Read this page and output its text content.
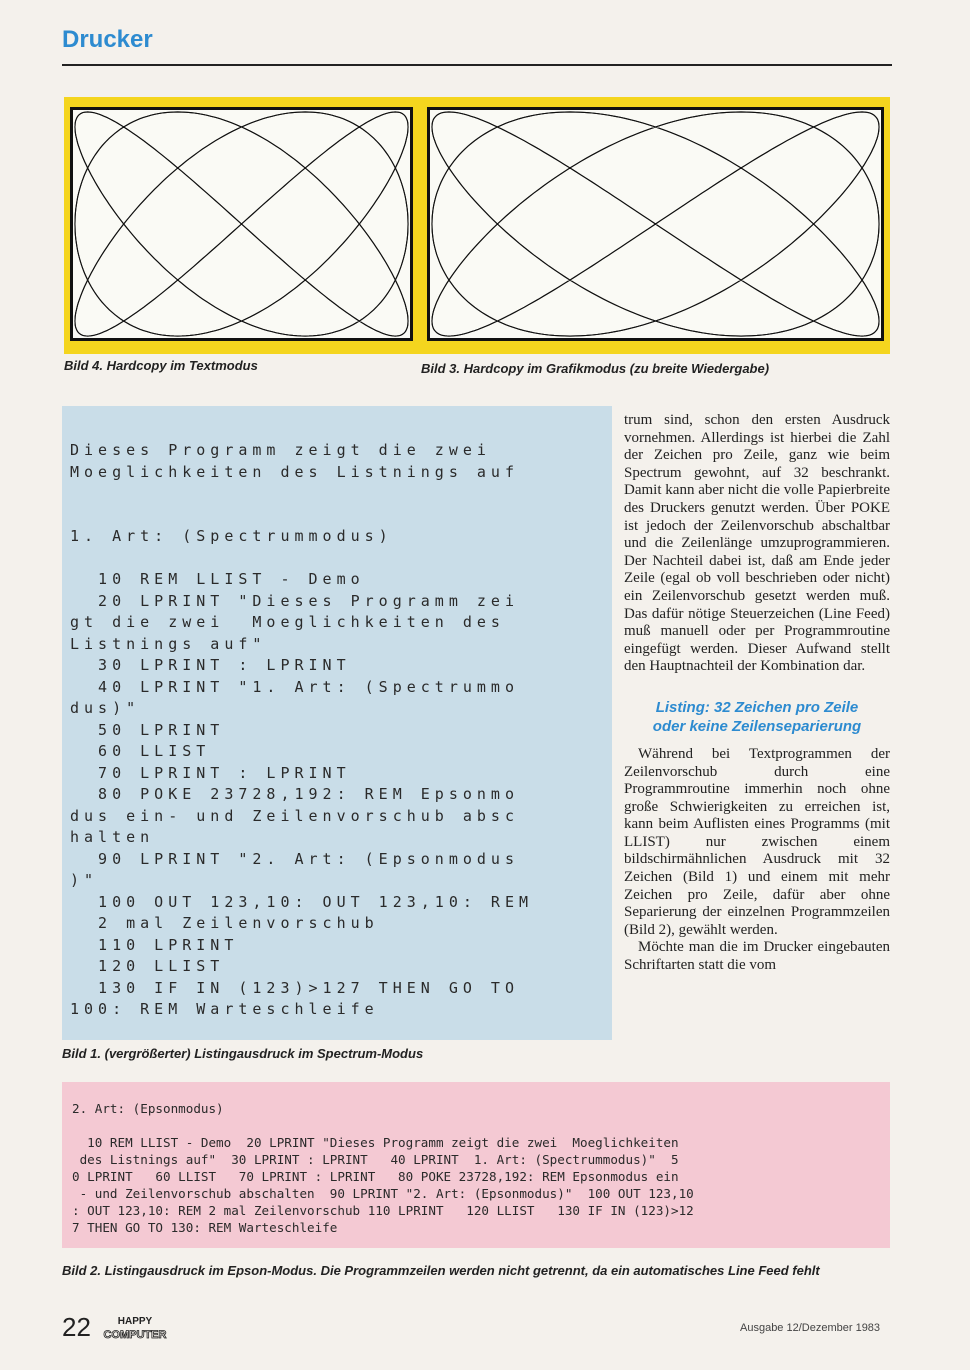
Drucker
Bild 4. Hardcopy im Textmodus	Bild 3. Hardcopy im Grafikmodus (zu breite Wiedergabe)
Dieses Programm zeigt die zwei
Moeglichkeiten des Listnings auf
1. Art: (Spectrummodus)
10 REM LLIST - Demo
20 LPRINT "Dieses Programm zei
gt die zwei  Moeglichkeiten des
Listnings auf"
30 LPRINT : LPRINT
40 LPRINT "1. Art: (Spectrummo
dus)"
50 LPRINT
60 LLIST
70 LPRINT : LPRINT
80 POKE 23728,192: REM Epsonmo
dus ein- und Zeilenvorschub absc
halten
90 LPRINT "2. Art: (Epsonmodus
)"
100 OUT 123,10: OUT 123,10: REM
2 mal Zeilenvorschub
110 LPRINT
120 LLIST
130 IF IN (123)>127 THEN GO TO
100: REM Warteschleife
Bild 1. (vergrößerter) Listingausdruck im Spectrum-Modus

trum sind, schon den ersten Ausdruck vornehmen. Allerdings ist hierbei die Zahl der Zeichen pro Zeile, ganz wie beim Spectrum gewohnt, auf 32 beschrankt. Damit kann aber nicht die volle Papierbreite des Druckers genutzt werden. Über POKE ist jedoch der Zeilenvorschub abschaltbar und die Zeilenlänge umzuprogrammieren. Der Nachteil dabei ist, daß am Ende jeder Zeile (egal ob voll beschrieben oder nicht) ein Zeilenvorschub gesetzt werden muß. Das dafür nötige Steuerzeichen (Line Feed) muß manuell oder per Programmroutine eingefügt werden. Dieser Aufwand stellt den Hauptnachteil der Kombination dar.

Listing: 32 Zeichen pro Zeile
oder keine Zeilenseparierung

Während bei Textprogrammen der Zeilenvorschub durch eine Programmroutine immerhin noch ohne große Schwierigkeiten zu erreichen ist, kann beim Auflisten eines Programms (mit LLIST) nur zwischen einem bildschirmähnlichen Ausdruck mit 32 Zeichen (Bild 1) und einem mit mehr Zeichen pro Zeile, dafür aber ohne Separierung der einzelnen Programmzeilen (Bild 2), gewählt werden.

Möchte man die im Drucker eingebauten Schriftarten statt die vom

2. Art: (Epsonmodus)
10 REM LLIST - Demo  20 LPRINT "Dieses Programm zeigt die zwei  Moeglichkeiten
des Listnings auf"  30 LPRINT : LPRINT   40 LPRINT  1. Art: (Spectrummodus)"  5
0 LPRINT   60 LLIST   70 LPRINT : LPRINT   80 POKE 23728,192: REM Epsonmodus ein
- und Zeilenvorschub abschalten  90 LPRINT "2. Art: (Epsonmodus)"  100 OUT 123,10
: OUT 123,10: REM 2 mal Zeilenvorschub 110 LPRINT   120 LLIST   130 IF IN (123)>12
7 THEN GO TO 130: REM Warteschleife
Bild 2. Listingausdruck im Epson-Modus. Die Programmzeilen werden nicht getrennt, da ein automatisches Line Feed fehlt
22	HAPPY
COMPUTER
Ausgabe 12/Dezember 1983
